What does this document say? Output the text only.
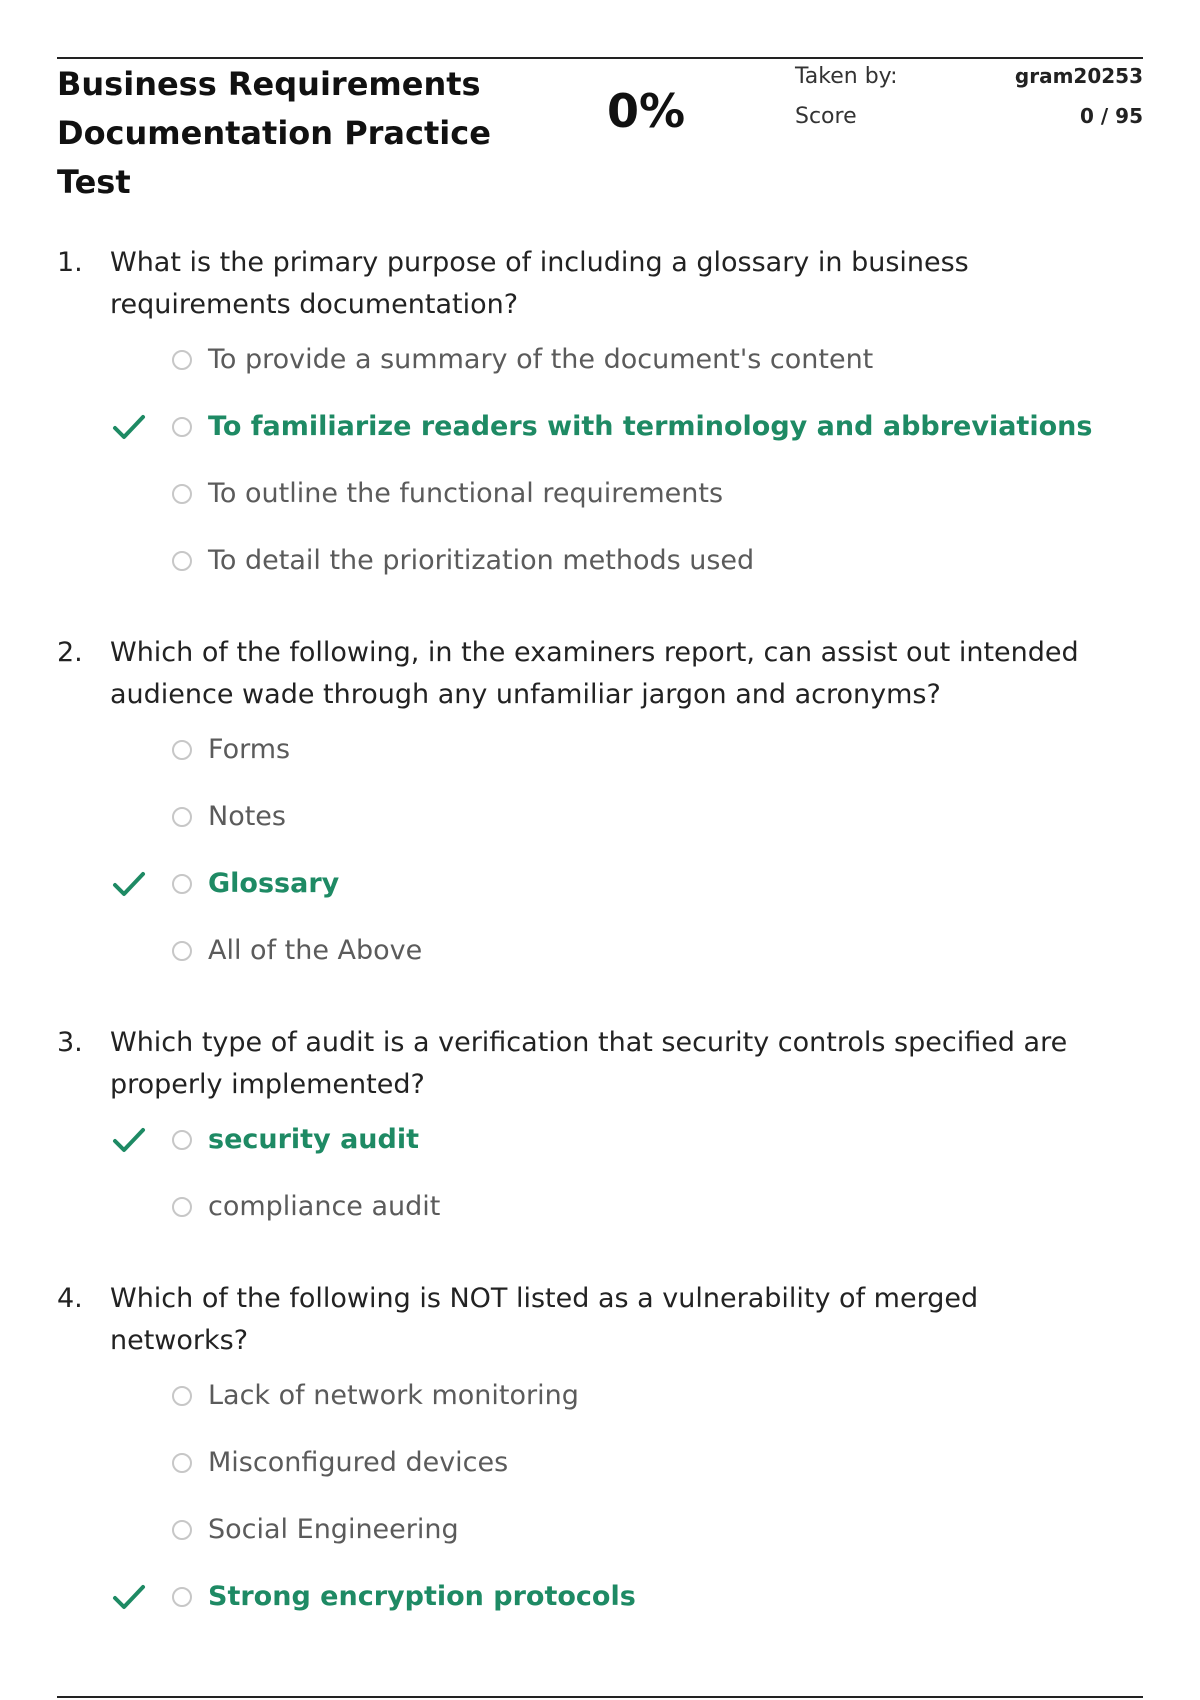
Business Requirements
Documentation Practice
Test
0%
Taken by:	gram20253
Score	0 / 95
1.	What is the primary purpose of including a glossary in business requirements documentation?
To provide a summary of the document's content
To familiarize readers with terminology and abbreviations
To outline the functional requirements
To detail the prioritization methods used
2.	Which of the following, in the examiners report, can assist out intended audience wade through any unfamiliar jargon and acronyms?
Forms
Notes
Glossary
All of the Above
3.	Which type of audit is a verification that security controls specified are properly implemented?
security audit
compliance audit
4.	Which of the following is NOT listed as a vulnerability of merged networks?
Lack of network monitoring
Misconfigured devices
Social Engineering
Strong encryption protocols
